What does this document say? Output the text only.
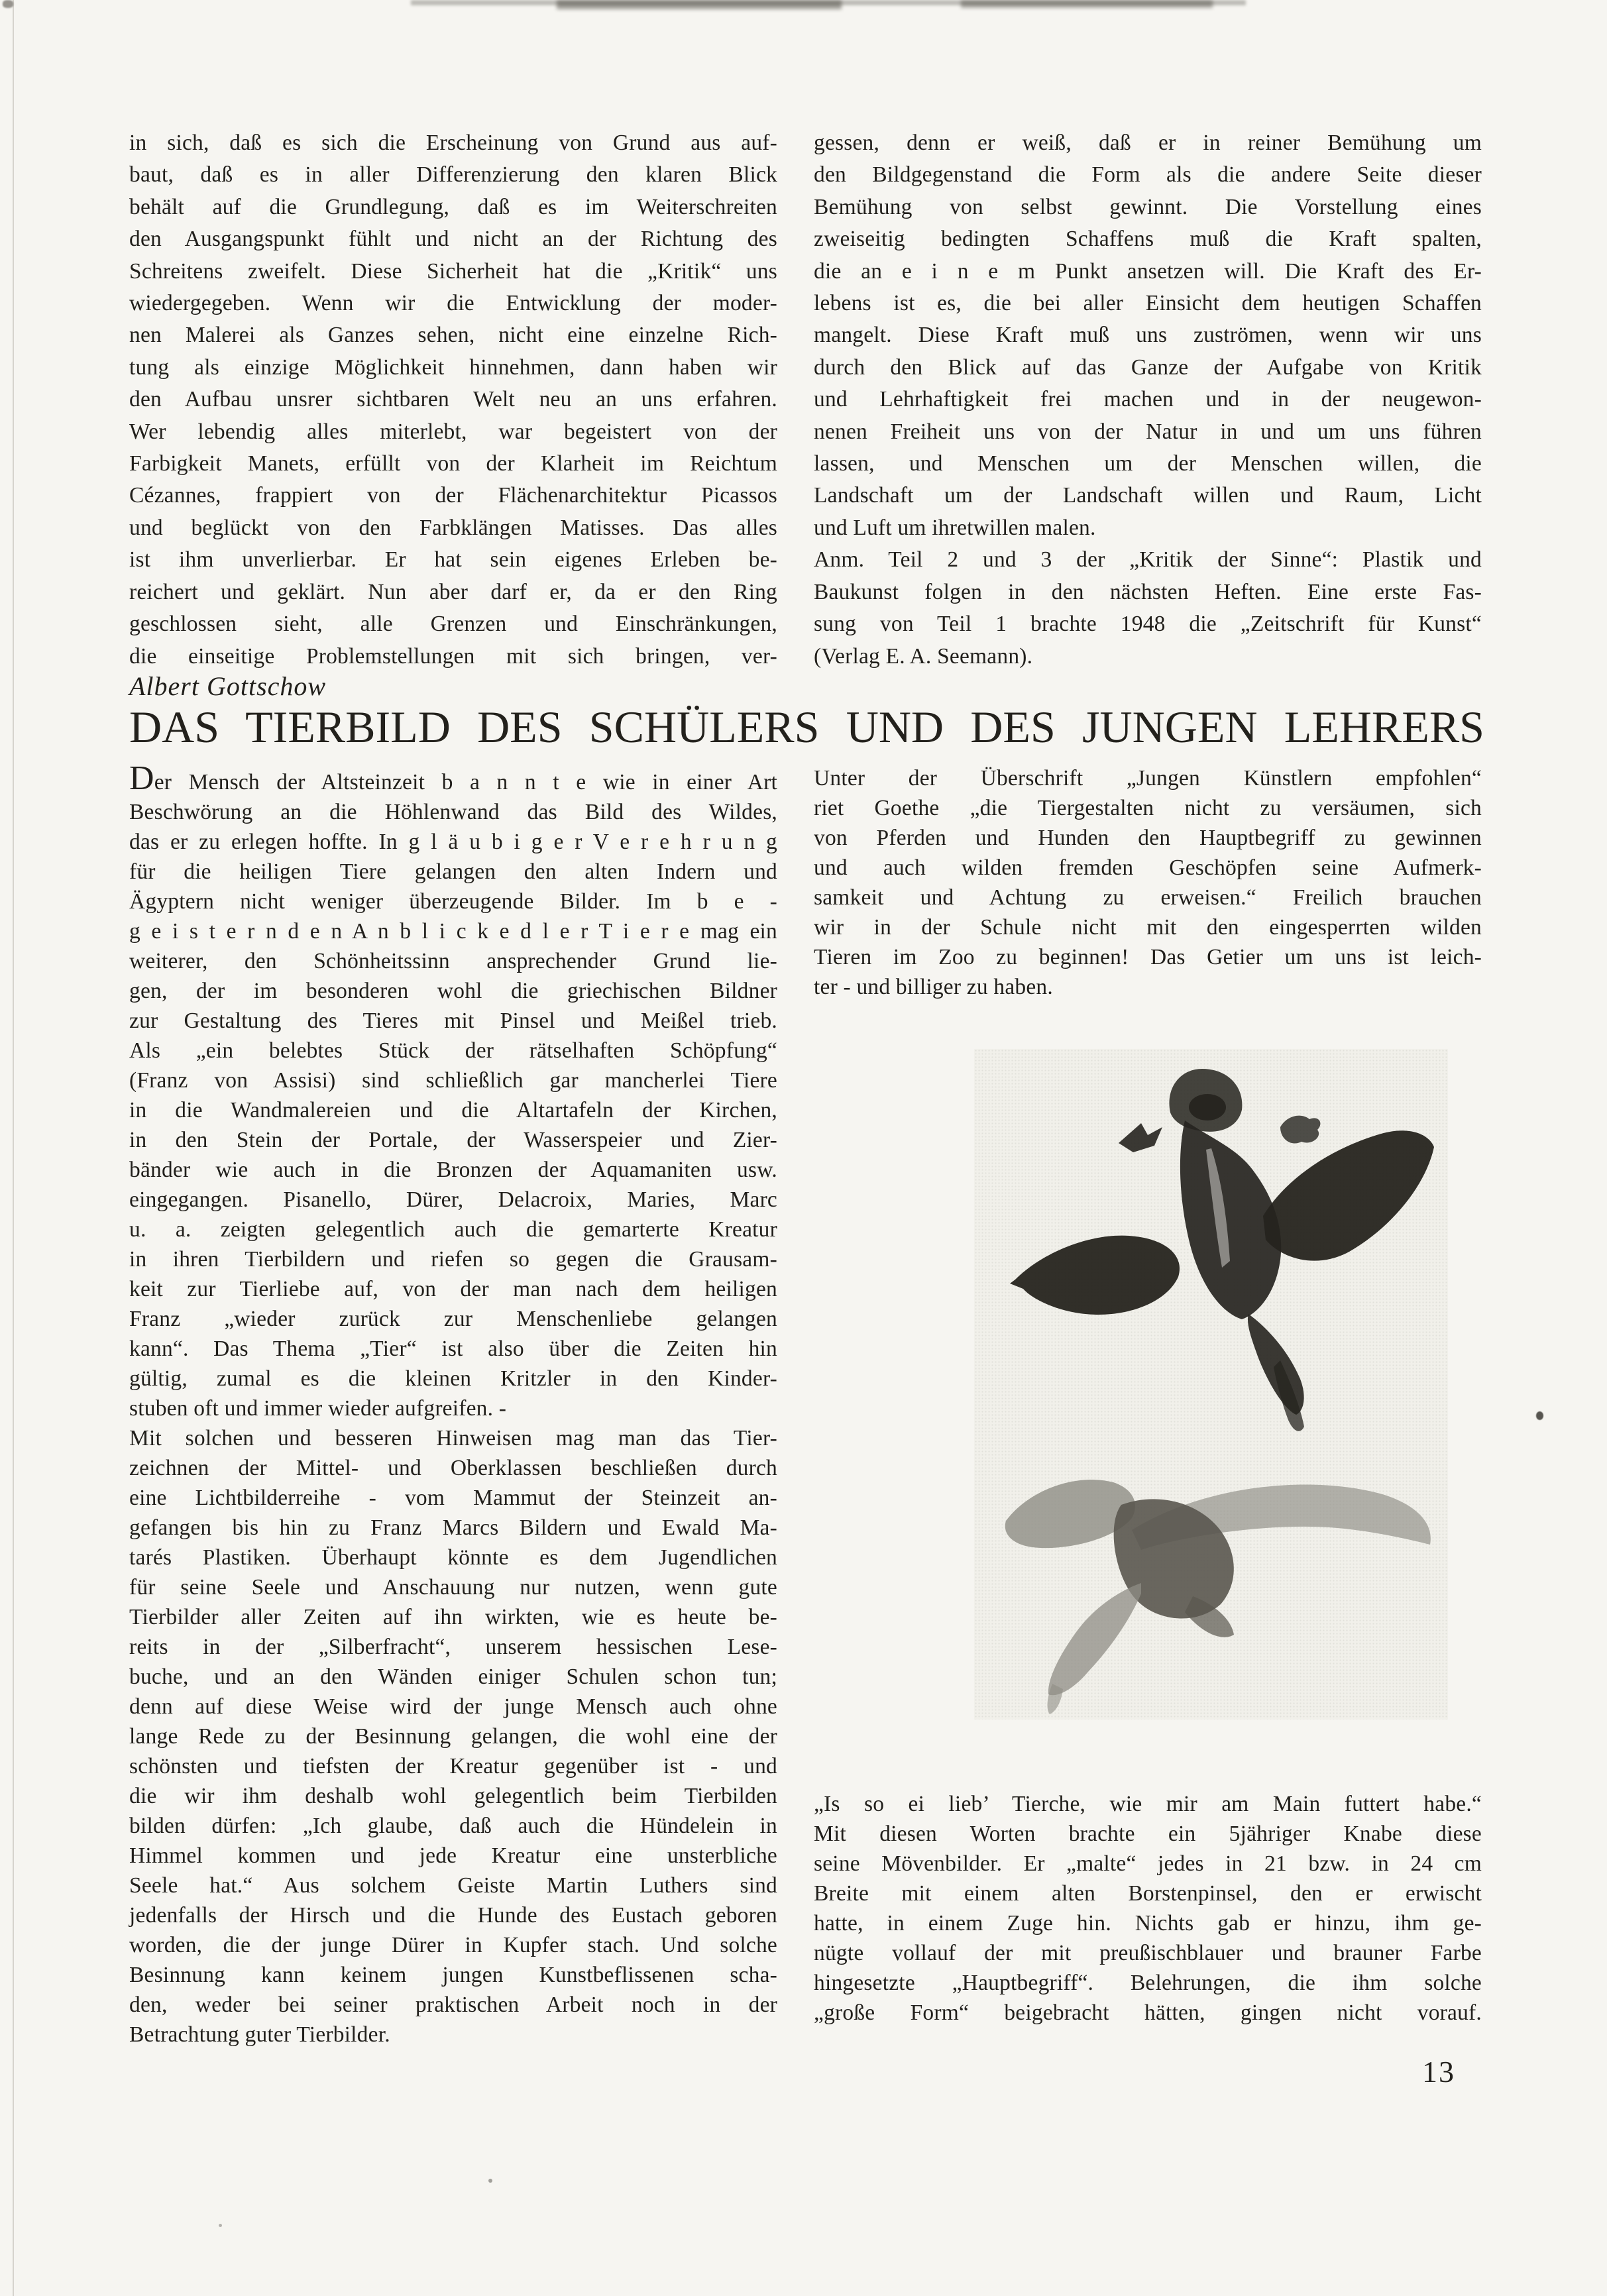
in sich, daß es sich die Erscheinung von Grund aus auf-
baut, daß es in aller Differenzierung den klaren Blick
behält auf die Grundlegung, daß es im Weiterschreiten
den Ausgangspunkt fühlt und nicht an der Richtung des
Schreitens zweifelt. Diese Sicherheit hat die „Kritik“ uns
wiedergegeben. Wenn wir die Entwicklung der moder-
nen Malerei als Ganzes sehen, nicht eine einzelne Rich-
tung als einzige Möglichkeit hinnehmen, dann haben wir
den Aufbau unsrer sichtbaren Welt neu an uns erfahren.
Wer lebendig alles miterlebt, war begeistert von der
Farbigkeit Manets, erfüllt von der Klarheit im Reichtum
Cézannes, frappiert von der Flächenarchitektur Picassos
und beglückt von den Farbklängen Matisses. Das alles
ist ihm unverlierbar. Er hat sein eigenes Erleben be-
reichert und geklärt. Nun aber darf er, da er den Ring
geschlossen sieht, alle Grenzen und Einschränkungen,
die einseitige Problemstellungen mit sich bringen, ver-
gessen, denn er weiß, daß er in reiner Bemühung um
den Bildgegenstand die Form als die andere Seite dieser
Bemühung von selbst gewinnt. Die Vorstellung eines
zweiseitig bedingten Schaffens muß die Kraft spalten,
die an e i n e m Punkt ansetzen will. Die Kraft des Er-
lebens ist es, die bei aller Einsicht dem heutigen Schaffen
mangelt. Diese Kraft muß uns zuströmen, wenn wir uns
durch den Blick auf das Ganze der Aufgabe von Kritik
und Lehrhaftigkeit frei machen und in der neugewon-
nenen Freiheit uns von der Natur in und um uns führen
lassen, und Menschen um der Menschen willen, die
Landschaft um der Landschaft willen und Raum, Licht
und Luft um ihretwillen malen.
Anm. Teil 2 und 3 der „Kritik der Sinne“: Plastik und
Baukunst folgen in den nächsten Heften. Eine erste Fas-
sung von Teil 1 brachte 1948 die „Zeitschrift für Kunst“
(Verlag E. A. Seemann).
Albert Gottschow
DAS TIERBILD DES SCHÜLERS UND DES JUNGEN LEHRERS
Der Mensch der Altsteinzeit b a n n t e wie in einer Art
Beschwörung an die Höhlenwand das Bild des Wildes,
das er zu erlegen hoffte. In g l ä u b i g e r V e r e h r u n g
für die heiligen Tiere gelangen den alten Indern und
Ägyptern nicht weniger überzeugende Bilder. Im b e -
g e i s t e r n d e n A n b l i c k e d l e r T i e r e mag ein
weiterer, den Schönheitssinn ansprechender Grund lie-
gen, der im besonderen wohl die griechischen Bildner
zur Gestaltung des Tieres mit Pinsel und Meißel trieb.
Als „ein belebtes Stück der rätselhaften Schöpfung“
(Franz von Assisi) sind schließlich gar mancherlei Tiere
in die Wandmalereien und die Altartafeln der Kirchen,
in den Stein der Portale, der Wasserspeier und Zier-
bänder wie auch in die Bronzen der Aquamaniten usw.
eingegangen. Pisanello, Dürer, Delacroix, Maries, Marc
u. a. zeigten gelegentlich auch die gemarterte Kreatur
in ihren Tierbildern und riefen so gegen die Grausam-
keit zur Tierliebe auf, von der man nach dem heiligen
Franz „wieder zurück zur Menschenliebe gelangen
kann“. Das Thema „Tier“ ist also über die Zeiten hin
gültig, zumal es die kleinen Kritzler in den Kinder-
stuben oft und immer wieder aufgreifen. -
Mit solchen und besseren Hinweisen mag man das Tier-
zeichnen der Mittel- und Oberklassen beschließen durch
eine Lichtbilderreihe - vom Mammut der Steinzeit an-
gefangen bis hin zu Franz Marcs Bildern und Ewald Ma-
tarés Plastiken. Überhaupt könnte es dem Jugendlichen
für seine Seele und Anschauung nur nutzen, wenn gute
Tierbilder aller Zeiten auf ihn wirkten, wie es heute be-
reits in der „Silberfracht“, unserem hessischen Lese-
buche, und an den Wänden einiger Schulen schon tun;
denn auf diese Weise wird der junge Mensch auch ohne
lange Rede zu der Besinnung gelangen, die wohl eine der
schönsten und tiefsten der Kreatur gegenüber ist - und
die wir ihm deshalb wohl gelegentlich beim Tierbilden
bilden dürfen: „Ich glaube, daß auch die Hündelein in
Himmel kommen und jede Kreatur eine unsterbliche
Seele hat.“ Aus solchem Geiste Martin Luthers sind
jedenfalls der Hirsch und die Hunde des Eustach geboren
worden, die der junge Dürer in Kupfer stach. Und solche
Besinnung kann keinem jungen Kunstbeflissenen scha-
den, weder bei seiner praktischen Arbeit noch in der
Betrachtung guter Tierbilder.
Unter der Überschrift „Jungen Künstlern empfohlen“
riet Goethe „die Tiergestalten nicht zu versäumen, sich
von Pferden und Hunden den Hauptbegriff zu gewinnen
und auch wilden fremden Geschöpfen seine Aufmerk-
samkeit und Achtung zu erweisen.“ Freilich brauchen
wir in der Schule nicht mit den eingesperrten wilden
Tieren im Zoo zu beginnen! Das Getier um uns ist leich-
ter - und billiger zu haben.
„Is so ei lieb’ Tierche, wie mir am Main futtert habe.“
Mit diesen Worten brachte ein 5jähriger Knabe diese
seine Mövenbilder. Er „malte“ jedes in 21 bzw. in 24 cm
Breite mit einem alten Borstenpinsel, den er erwischt
hatte, in einem Zuge hin. Nichts gab er hinzu, ihm ge-
nügte vollauf der mit preußischblauer und brauner Farbe
hingesetzte „Hauptbegriff“. Belehrungen, die ihm solche
„große Form“ beigebracht hätten, gingen nicht vorauf.
13
